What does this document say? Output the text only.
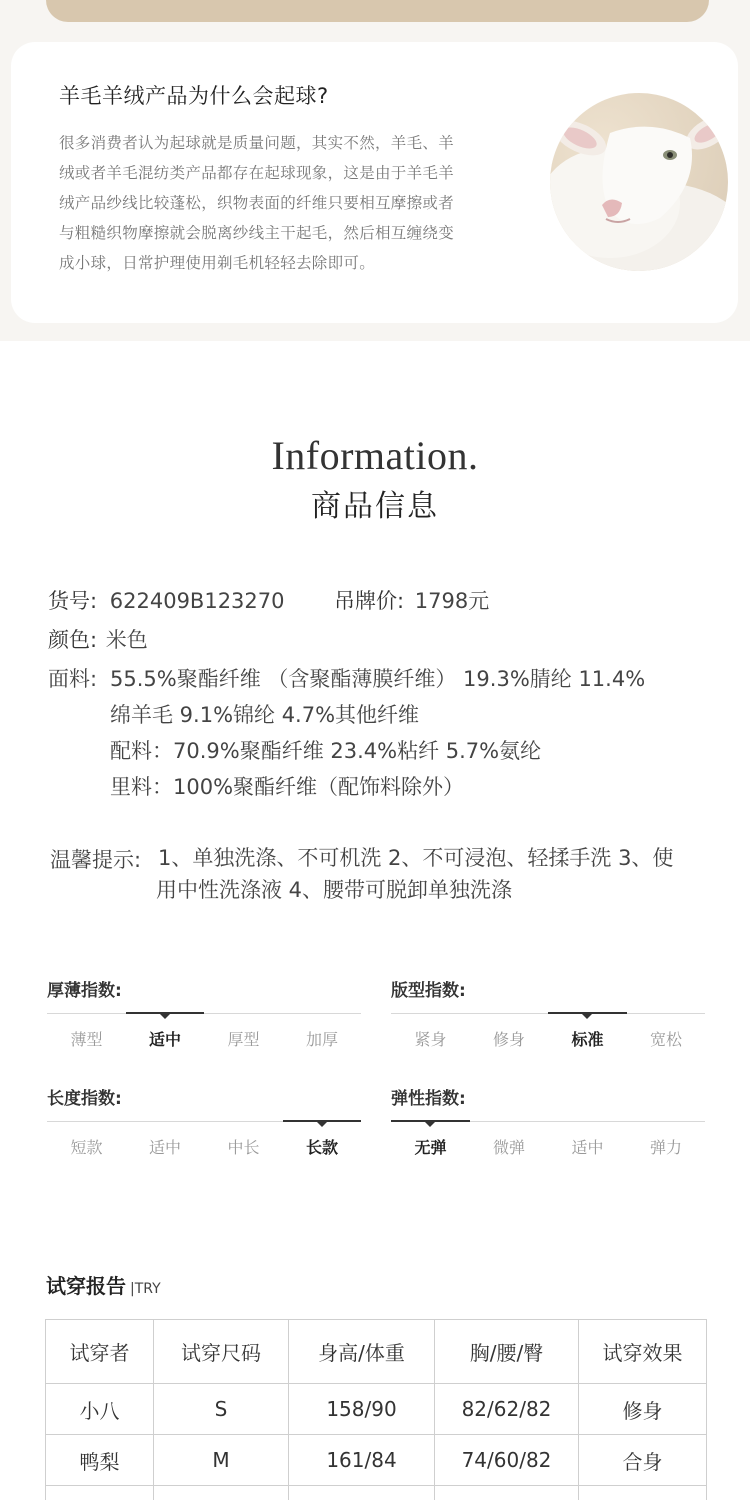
羊毛羊绒产品为什么会起球?
很多消费者认为起球就是质量问题，其实不然，羊毛、羊
绒或者羊毛混纺类产品都存在起球现象，这是由于羊毛羊
绒产品纱线比较蓬松，织物表面的纤维只要相互摩擦或者
与粗糙织物摩擦就会脱离纱线主干起毛，然后相互缠绕变
成小球，日常护理使用剃毛机轻轻去除即可。
Information.
商品信息
货号: 622409B123270 吊牌价: 1798元
颜色: 米色
面料: 55.5%聚酯纤维 （含聚酯薄膜纤维） 19.3%腈纶 11.4%
绵羊毛 9.1%锦纶 4.7%其他纤维
配料：70.9%聚酯纤维 23.4%粘纤 5.7%氨纶
里料：100%聚酯纤维（配饰料除外）
温馨提示: 1、单独洗涤、不可机洗 2、不可浸泡、轻揉手洗 3、使
用中性洗涤液 4、腰带可脱卸单独洗涤
厚薄指数:
薄型	适中	厚型	加厚
版型指数:
紧身	修身	标准	宽松
长度指数:
短款	适中	中长	长款
弹性指数:
无弹	微弹	适中	弹力
试穿报告 |TRY
试穿者	试穿尺码	身高/体重	胸/腰/臀	试穿效果
小八	S	158/90	82/62/82	修身
鸭梨	M	161/84	74/60/82	合身
